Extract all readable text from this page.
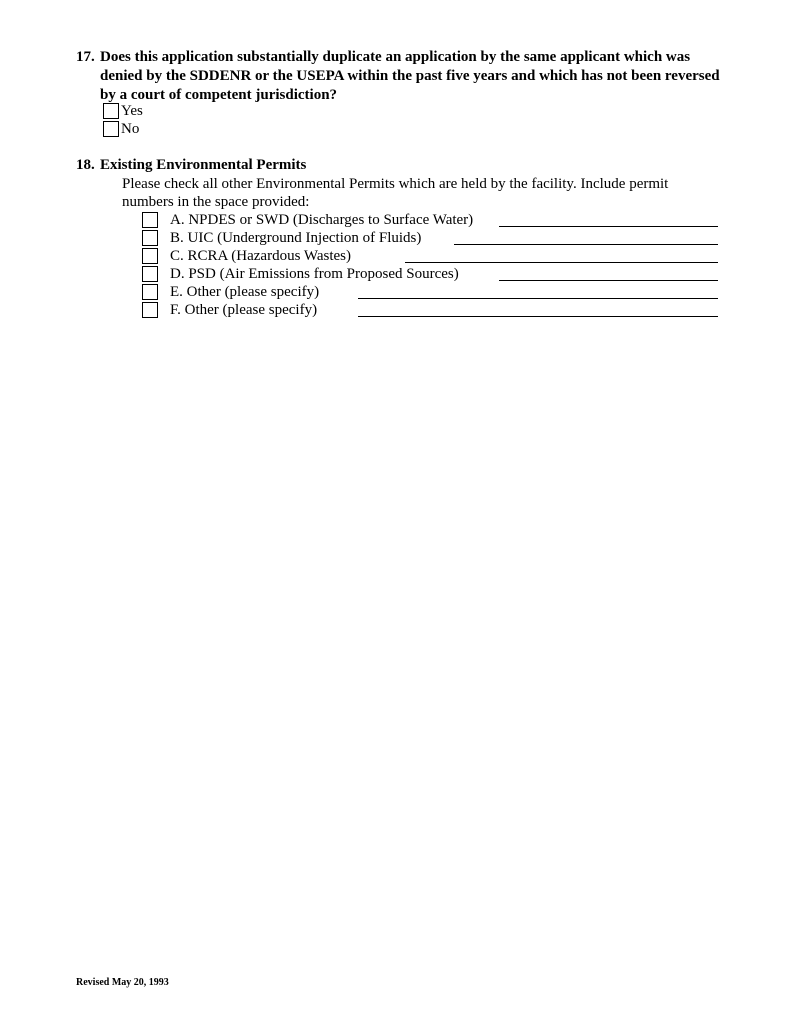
17. Does this application substantially duplicate an application by the same applicant which was denied by the SDDENR or the USEPA within the past five years and which has not been reversed by a court of competent jurisdiction?
Yes
No
18. Existing Environmental Permits
Please check all other Environmental Permits which are held by the facility. Include permit numbers in the space provided:
A. NPDES or SWD (Discharges to Surface Water)
B. UIC (Underground Injection of Fluids)
C. RCRA (Hazardous Wastes)
D. PSD (Air Emissions from Proposed Sources)
E. Other (please specify)
F. Other (please specify)
Revised May 20, 1993
